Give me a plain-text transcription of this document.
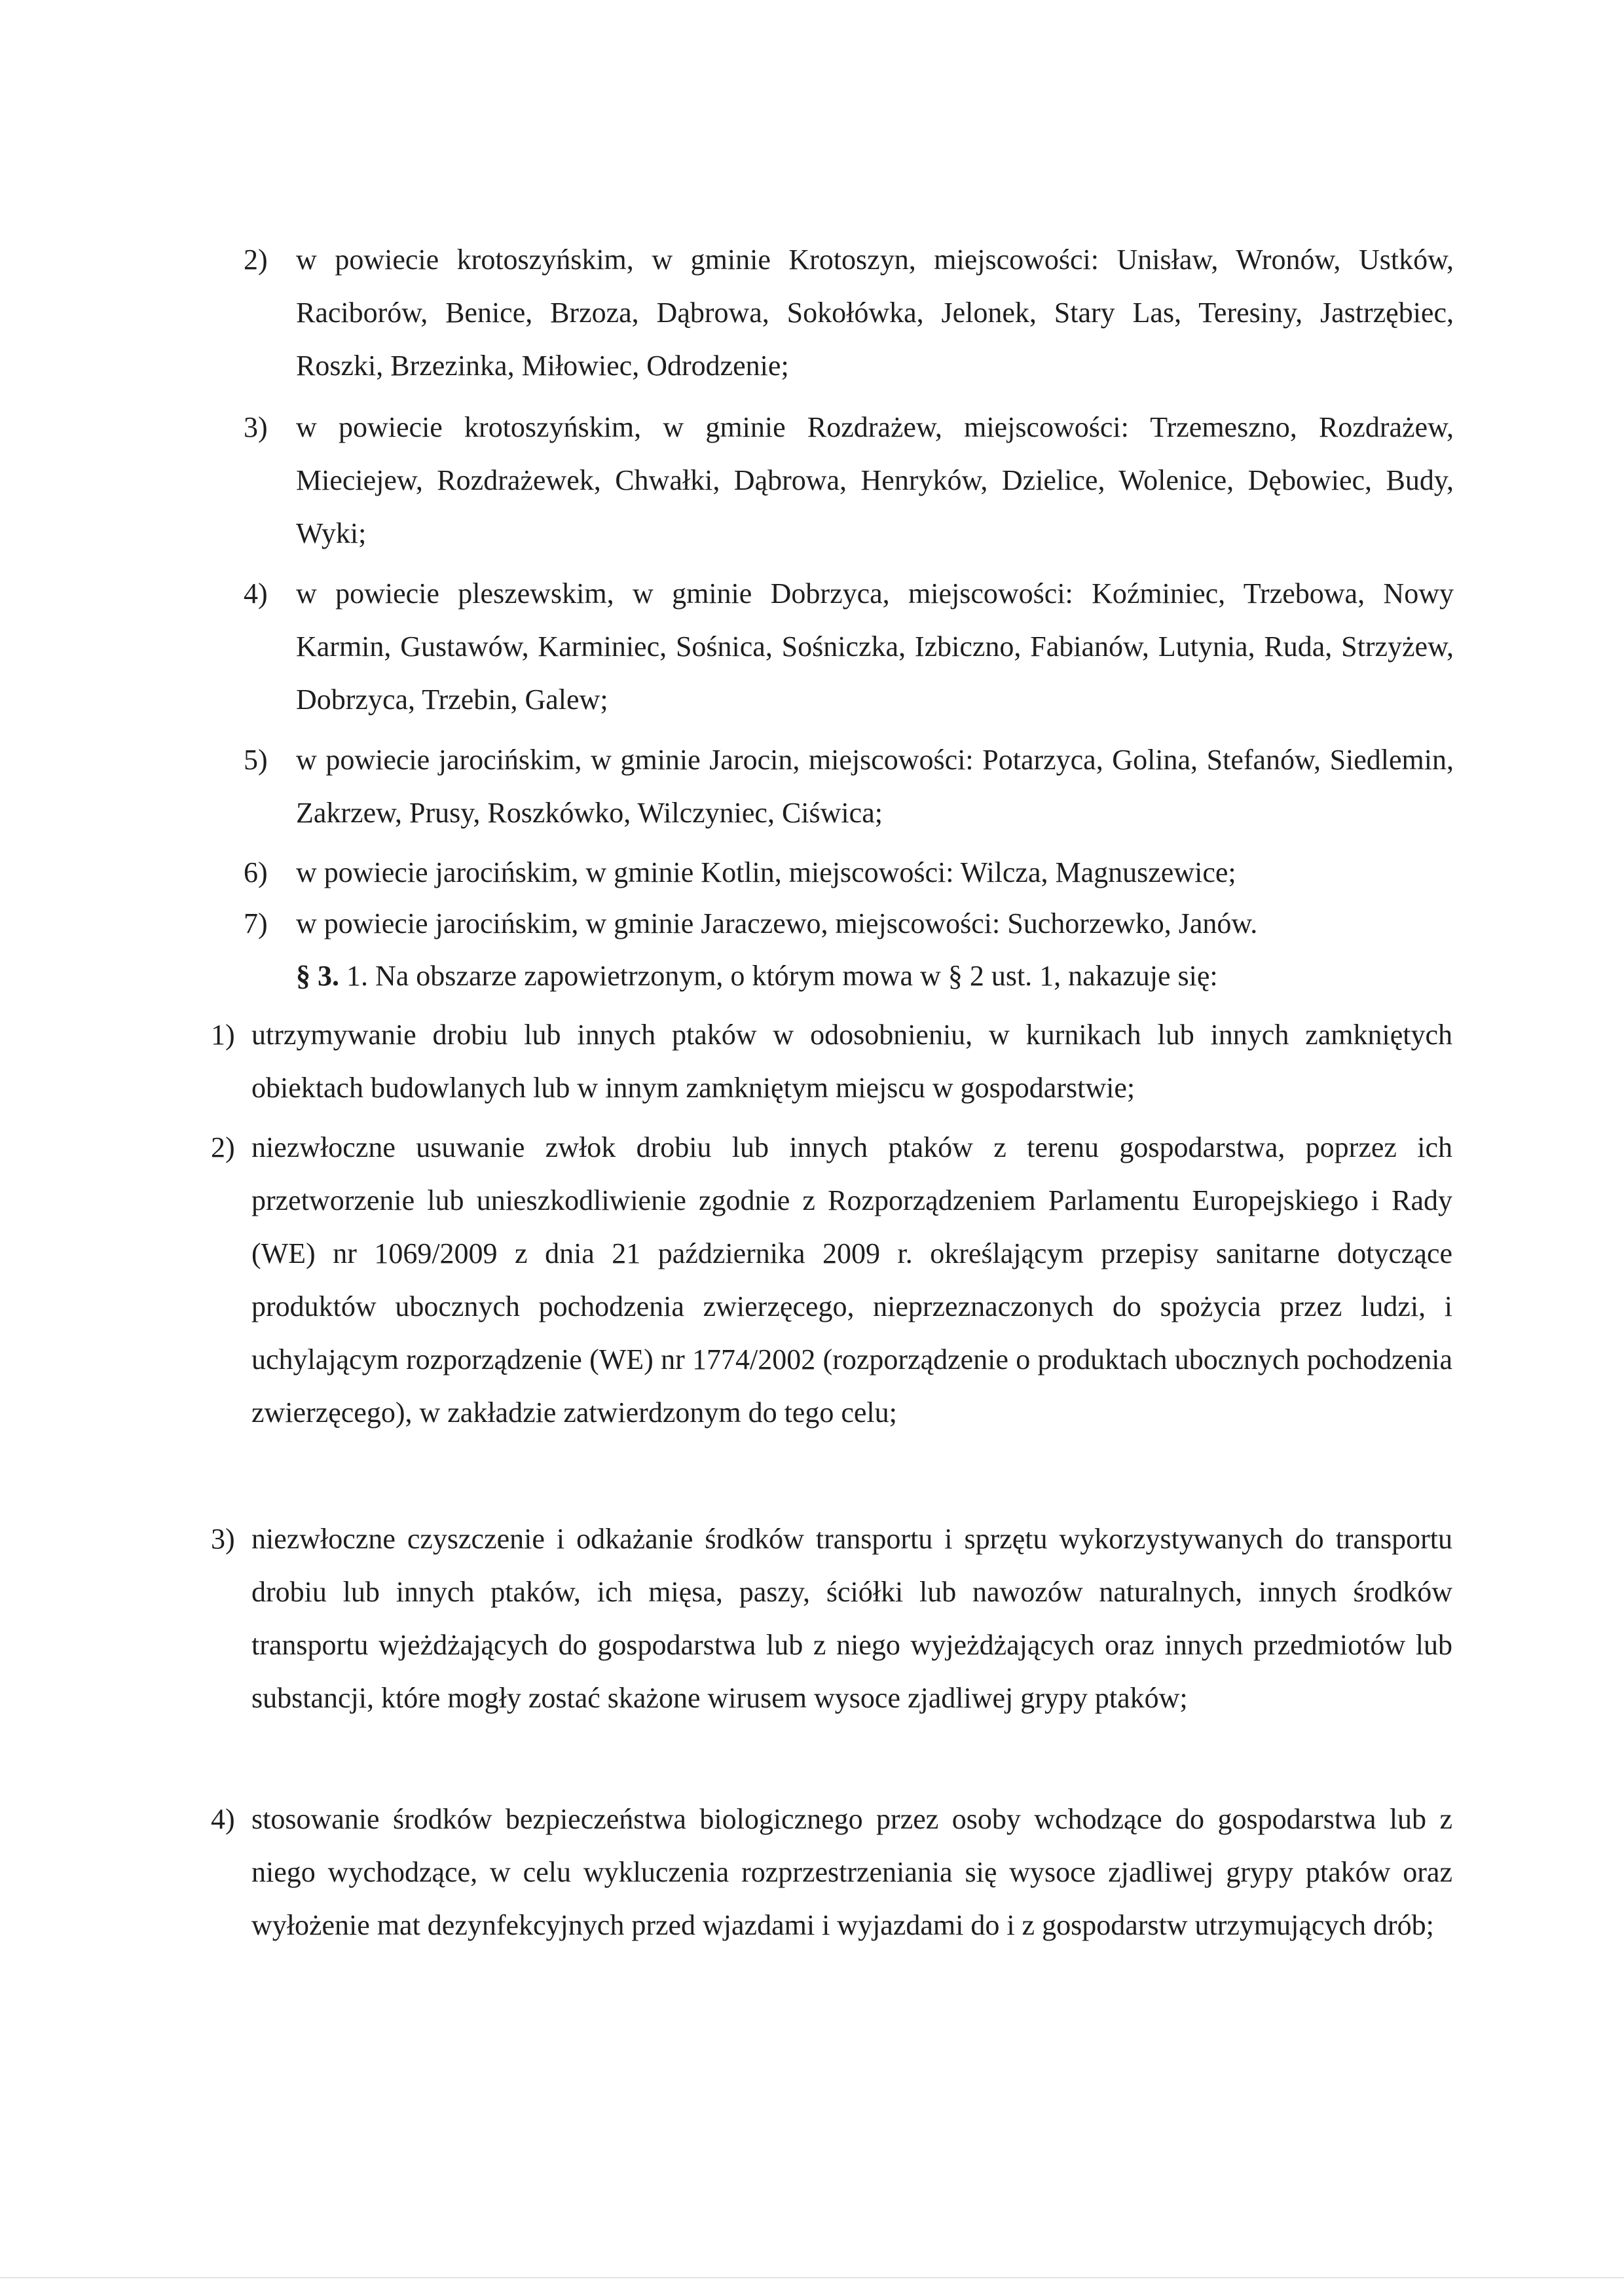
2) w powiecie krotoszyńskim, w gminie Krotoszyn, miejscowości: Unisław, Wronów, Ustków, Raciborów, Benice, Brzoza, Dąbrowa, Sokołówka, Jelonek, Stary Las, Teresiny, Jastrzębiec, Roszki, Brzezinka, Miłowiec, Odrodzenie;
3) w powiecie krotoszyńskim, w gminie Rozdrażew, miejscowości: Trzemeszno, Rozdrażew, Mieciejew, Rozdrażewek, Chwałki, Dąbrowa, Henryków, Dzielice, Wolenice, Dębowiec, Budy, Wyki;
4) w powiecie pleszewskim, w gminie Dobrzyca, miejscowości: Koźminiec, Trzebowa, Nowy Karmin, Gustawów, Karminiec, Sośnica, Sośniczka, Izbiczno, Fabianów, Lutynia, Ruda, Strzyżew, Dobrzyca, Trzebin, Galew;
5) w powiecie jarocińskim, w gminie Jarocin, miejscowości: Potarzyca, Golina, Stefanów, Siedlemin, Zakrzew, Prusy, Roszkówko, Wilczyniec, Ciświca;
6) w powiecie jarocińskim, w gminie Kotlin, miejscowości: Wilcza, Magnuszewice;
7) w powiecie jarocińskim, w gminie Jaraczewo, miejscowości: Suchorzewko, Janów.
§ 3. 1. Na obszarze zapowietrzonym, o którym mowa w § 2 ust. 1, nakazuje się:
1) utrzymywanie drobiu lub innych ptaków w odosobnieniu, w kurnikach lub innych zamkniętych obiektach budowlanych lub w innym zamkniętym miejscu w gospodarstwie;
2) niezwłoczne usuwanie zwłok drobiu lub innych ptaków z terenu gospodarstwa, poprzez ich przetworzenie lub unieszkodliwienie zgodnie z Rozporządzeniem Parlamentu Europejskiego i Rady (WE) nr 1069/2009 z dnia 21 października 2009 r. określającym przepisy sanitarne dotyczące produktów ubocznych pochodzenia zwierzęcego, nieprzeznaczonych do spożycia przez ludzi, i uchylającym rozporządzenie (WE) nr 1774/2002 (rozporządzenie o produktach ubocznych pochodzenia zwierzęcego), w zakładzie zatwierdzonym do tego celu;
3) niezwłoczne czyszczenie i odkażanie środków transportu i sprzętu wykorzystywanych do transportu drobiu lub innych ptaków, ich mięsa, paszy, ściółki lub nawozów naturalnych, innych środków transportu wjeżdżających do gospodarstwa lub z niego wyjeżdżających oraz innych przedmiotów lub substancji, które mogły zostać skażone wirusem wysoce zjadliwej grypy ptaków;
4) stosowanie środków bezpieczeństwa biologicznego przez osoby wchodzące do gospodarstwa lub z niego wychodzące, w celu wykluczenia rozprzestrzeniania się wysoce zjadliwej grypy ptaków oraz wyłożenie mat dezynfekcyjnych przed wjazdami i wyjazdami do i z gospodarstw utrzymujących drób;
